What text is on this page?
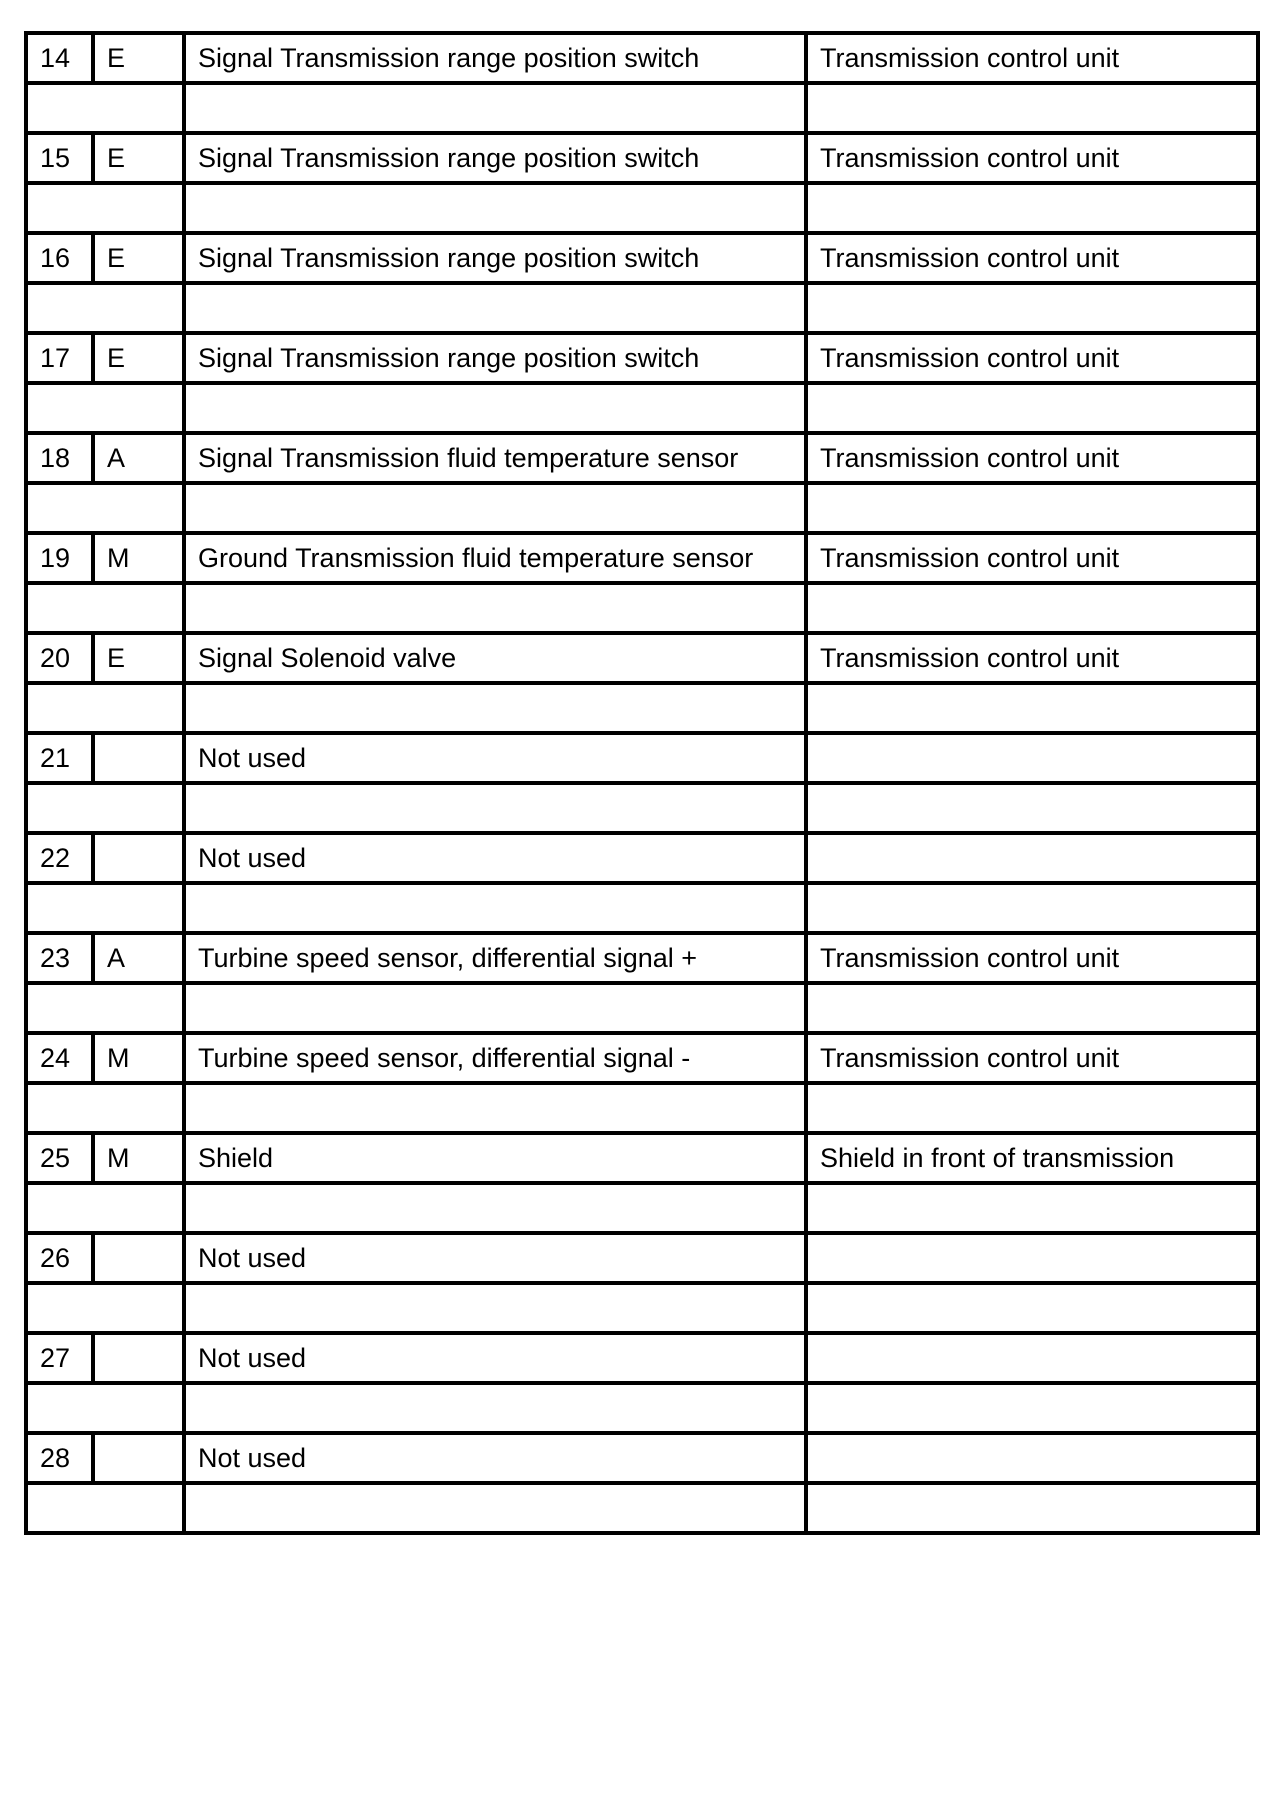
14	E	Signal Transmission range position switch	Transmission control unit

15	E	Signal Transmission range position switch	Transmission control unit

16	E	Signal Transmission range position switch	Transmission control unit

17	E	Signal Transmission range position switch	Transmission control unit

18	A	Signal Transmission fluid temperature sensor	Transmission control unit

19	M	Ground Transmission fluid temperature sensor	Transmission control unit

20	E	Signal Solenoid valve	Transmission control unit

21		Not used	

22		Not used	

23	A	Turbine speed sensor, differential signal +	Transmission control unit

24	M	Turbine speed sensor, differential signal -	Transmission control unit

25	M	Shield	Shield in front of transmission

26		Not used	

27		Not used	

28		Not used	
